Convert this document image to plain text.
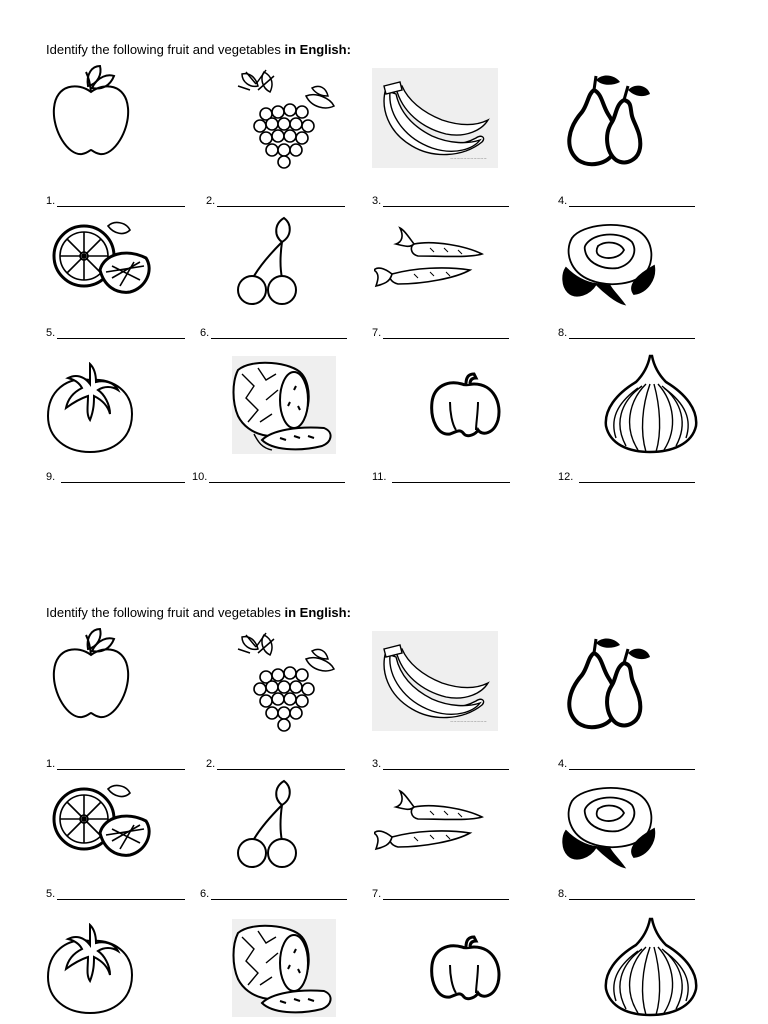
Identify the following fruit and vegetables in English:
~~~~~~~~~~~
1.	2.	3.	4.
5.	6.	7.	8.
9.	10.	11.	12.
Identify the following fruit and vegetables in English:
~~~~~~~~~~~
1.	2.	3.	4.
5.	6.	7.	8.
